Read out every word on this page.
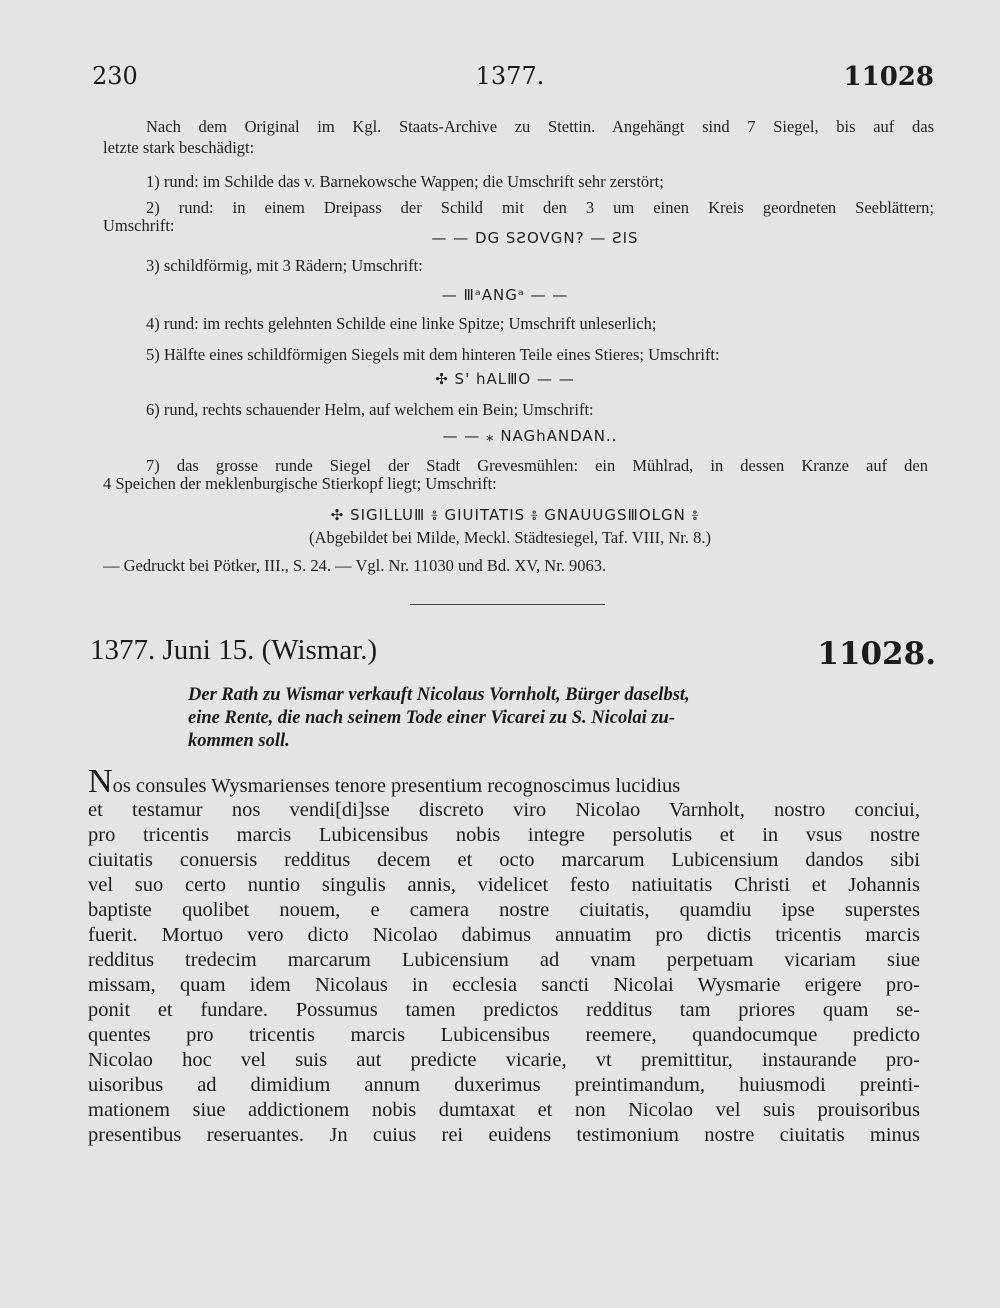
230	1377.	11028
Nach dem Original im Kgl. Staats-Archive zu Stettin. Angehängt sind 7 Siegel, bis auf das
letzte stark beschädigt:
1) rund: im Schilde das v. Barnekowsche Wappen; die Umschrift sehr zerstört;
2) rund: in einem Dreipass der Schild mit den 3 um einen Kreis geordneten Seeblättern;
Umschrift:
— — DG SƧOVGN? — ƧIS
3) schildförmig, mit 3 Rädern; Umschrift:
— ⅢᵃANGᵃ — —
4) rund: im rechts gelehnten Schilde eine linke Spitze; Umschrift unleserlich;
5) Hälfte eines schildförmigen Siegels mit dem hinteren Teile eines Stieres; Umschrift:
✣ S' hALⅢO — —
6) rund, rechts schauender Helm, auf welchem ein Bein; Umschrift:
— — ⁎ NAGhANDAN..
7) das grosse runde Siegel der Stadt Grevesmühlen: ein Mühlrad, in dessen Kranze auf den
4 Speichen der meklenburgische Stierkopf liegt; Umschrift:
✣ SIGILLUⅢ ៖ GIUITATIS ៖ GNAUUGSⅢOLGN ៖
(Abgebildet bei Milde, Meckl. Städtesiegel, Taf. VIII, Nr. 8.)
— Gedruckt bei Pötker, III., S. 24. — Vgl. Nr. 11030 und Bd. XV, Nr. 9063.
1377. Juni 15. (Wismar.)	11028.
Der Rath zu Wismar verkauft Nicolaus Vornholt, Bürger daselbst,
eine Rente, die nach seinem Tode einer Vicarei zu S. Nicolai zu-
kommen soll.
Nos consules Wysmarienses tenore presentium recognoscimus lucidius
et testamur nos vendi[di]sse discreto viro Nicolao Varnholt, nostro conciui,
pro tricentis marcis Lubicensibus nobis integre persolutis et in vsus nostre
ciuitatis conuersis redditus decem et octo marcarum Lubicensium dandos sibi
vel suo certo nuntio singulis annis, videlicet festo natiuitatis Christi et Johannis
baptiste quolibet nouem, e camera nostre ciuitatis, quamdiu ipse superstes
fuerit. Mortuo vero dicto Nicolao dabimus annuatim pro dictis tricentis marcis
redditus tredecim marcarum Lubicensium ad vnam perpetuam vicariam siue
missam, quam idem Nicolaus in ecclesia sancti Nicolai Wysmarie erigere pro-
ponit et fundare. Possumus tamen predictos redditus tam priores quam se-
quentes pro tricentis marcis Lubicensibus reemere, quandocumque predicto
Nicolao hoc vel suis aut predicte vicarie, vt premittitur, instaurande pro-
uisoribus ad dimidium annum duxerimus preintimandum, huiusmodi preinti-
mationem siue addictionem nobis dumtaxat et non Nicolao vel suis prouisoribus
presentibus reseruantes. Jn cuius rei euidens testimonium nostre ciuitatis minus
